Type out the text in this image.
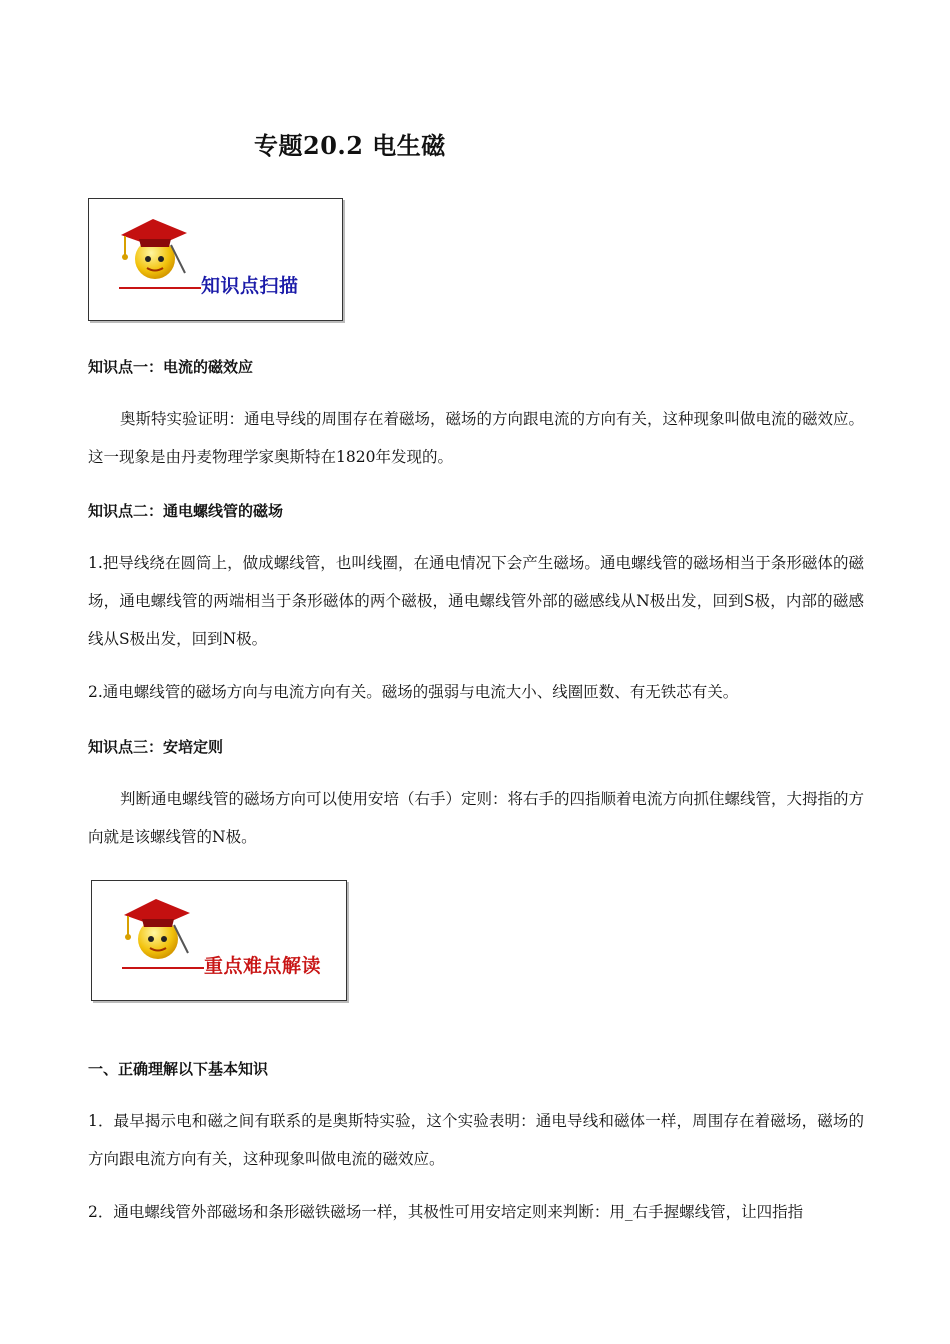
专题20.2 电生磁
知识点扫描
知识点一：电流的磁效应

奥斯特实验证明：通电导线的周围存在着磁场，磁场的方向跟电流的方向有关，这种现象叫做电流的磁效应。这一现象是由丹麦物理学家奥斯特在1820年发现的。

知识点二：通电螺线管的磁场

1.把导线绕在圆筒上，做成螺线管，也叫线圈，在通电情况下会产生磁场。通电螺线管的磁场相当于条形磁体的磁场，通电螺线管的两端相当于条形磁体的两个磁极，通电螺线管外部的磁感线从N极出发，回到S极，内部的磁感线从S极出发，回到N极。

2.通电螺线管的磁场方向与电流方向有关。磁场的强弱与电流大小、线圈匝数、有无铁芯有关。

知识点三：安培定则

判断通电螺线管的磁场方向可以使用安培（右手）定则：将右手的四指顺着电流方向抓住螺线管，大拇指的方向就是该螺线管的N极。

重点难点解读
一、正确理解以下基本知识

1．最早揭示电和磁之间有联系的是奥斯特实验，这个实验表明：通电导线和磁体一样，周围存在着磁场，磁场的方向跟电流方向有关，这种现象叫做电流的磁效应。

2．通电螺线管外部磁场和条形磁铁磁场一样，其极性可用安培定则来判断：用_右手握螺线管，让四指指
